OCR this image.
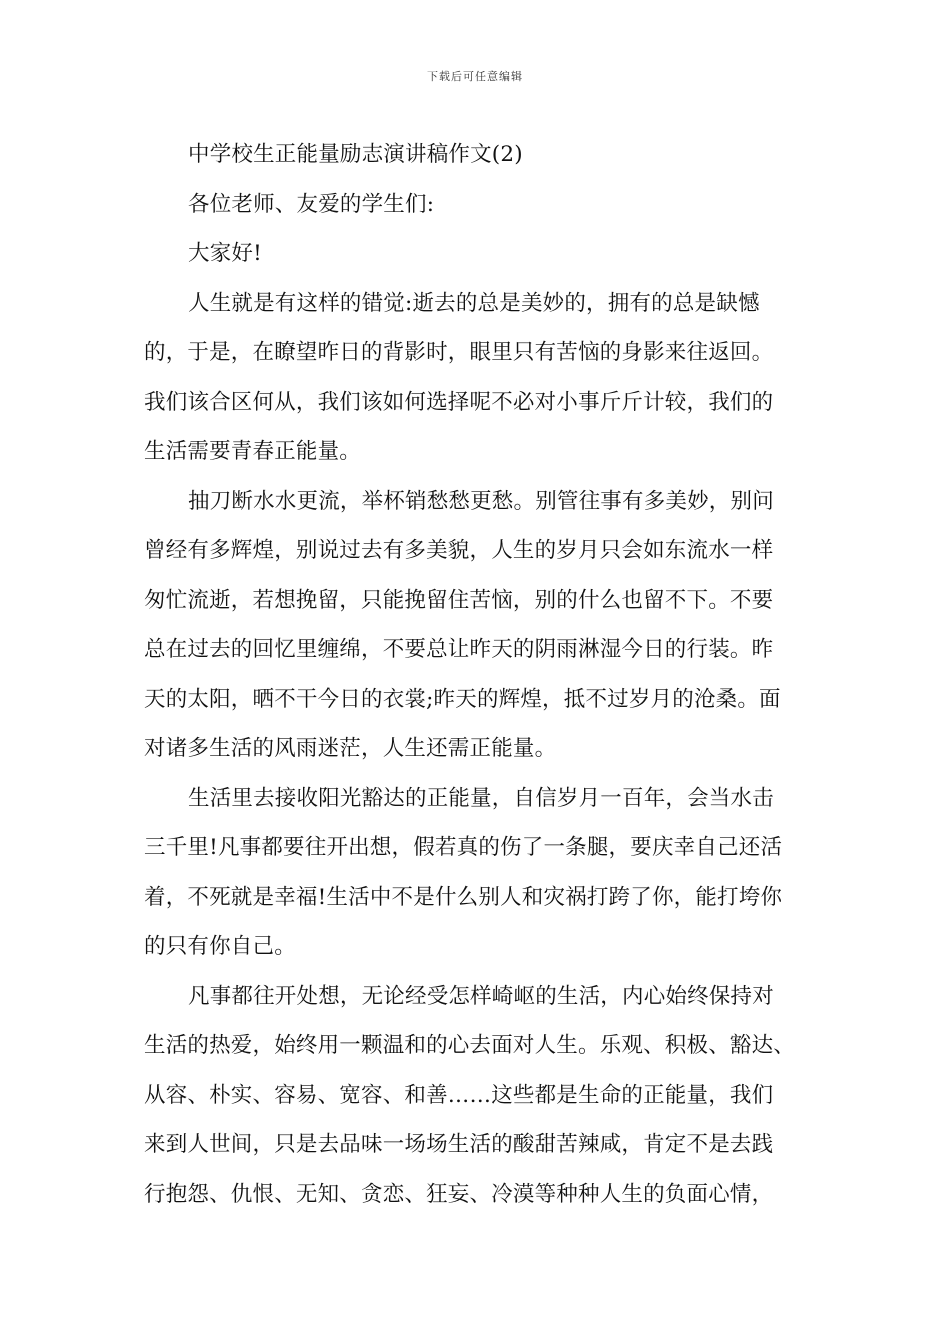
下载后可任意编辑
中学校生正能量励志演讲稿作文(2)
各位老师、友爱的学生们:
大家好!
人生就是有这样的错觉:逝去的总是美妙的，拥有的总是缺憾
的，于是，在瞭望昨日的背影时，眼里只有苦恼的身影来往返回。
我们该合区何从，我们该如何选择呢不必对小事斤斤计较，我们的
生活需要青春正能量。
抽刀断水水更流，举杯销愁愁更愁。别管往事有多美妙，别问
曾经有多辉煌，别说过去有多美貌，人生的岁月只会如东流水一样
匆忙流逝，若想挽留，只能挽留住苦恼，别的什么也留不下。不要
总在过去的回忆里缠绵，不要总让昨天的阴雨淋湿今日的行装。昨
天的太阳，晒不干今日的衣裳;昨天的辉煌，抵不过岁月的沧桑。面
对诸多生活的风雨迷茫，人生还需正能量。
生活里去接收阳光豁达的正能量，自信岁月一百年，会当水击
三千里!凡事都要往开出想，假若真的伤了一条腿，要庆幸自己还活
着，不死就是幸福!生活中不是什么别人和灾祸打跨了你，能打垮你
的只有你自己。
凡事都往开处想，无论经受怎样崎岖的生活，内心始终保持对
生活的热爱，始终用一颗温和的心去面对人生。乐观、积极、豁达、
从容、朴实、容易、宽容、和善……这些都是生命的正能量，我们
来到人世间，只是去品味一场场生活的酸甜苦辣咸，肯定不是去践
行抱怨、仇恨、无知、贪恋、狂妄、冷漠等种种人生的负面心情，
